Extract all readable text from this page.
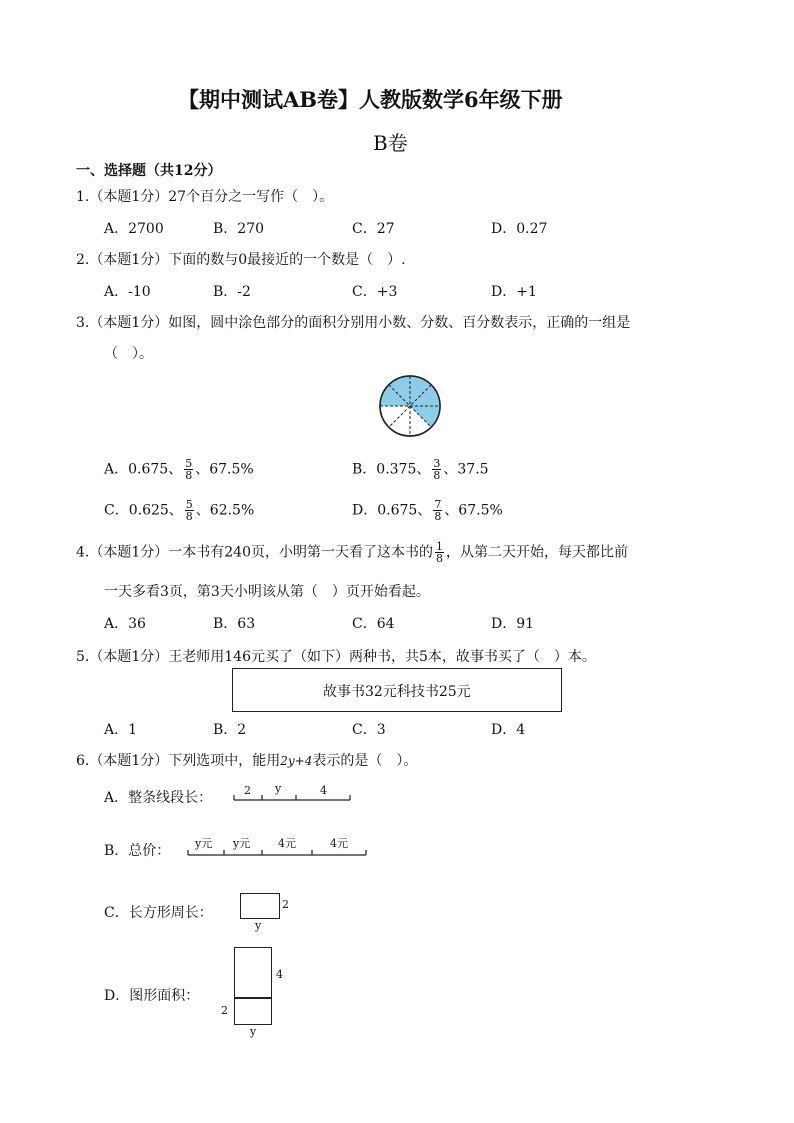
【期中测试AB卷】人教版数学6年级下册
B卷
一、选择题（共12分）
1.（本题1分）27个百分之一写作（　）。
A．2700	B．270	C．27	D．0.27
2.（本题1分）下面的数与0最接近的一个数是（　）.
A．-10	B．-2	C．+3	D．+1
3.（本题1分）如图，圆中涂色部分的面积分别用小数、分数、百分数表示，正确的一组是
（　）。
A．0.675、 $\frac{5}{8}$ 、67.5%	B．0.375、 $\frac{3}{8}$ 、37.5
C．0.625、 $\frac{5}{8}$ 、62.5%	D．0.675、 $\frac{7}{8}$ 、67.5%
4.（本题1分）一本书有240页，小明第一天看了这本书的 $\frac{1}{8}$ ，从第二天开始，每天都比前
一天多看3页，第3天小明该从第（　）页开始看起。
A．36	B．63	C．64	D．91
5.（本题1分）王老师用146元买了（如下）两种书，共5本，故事书买了（　）本。
故事书32元科技书25元
A．1	B．2	C．3	D．4
6.（本题1分）下列选项中，能用2y+4表示的是（　）。
A．整条线段长：	2 y	4
B．总价： y元 y元	4元	4元
C．长方形周长：
2
y
D．图形面积：
4
2
y
